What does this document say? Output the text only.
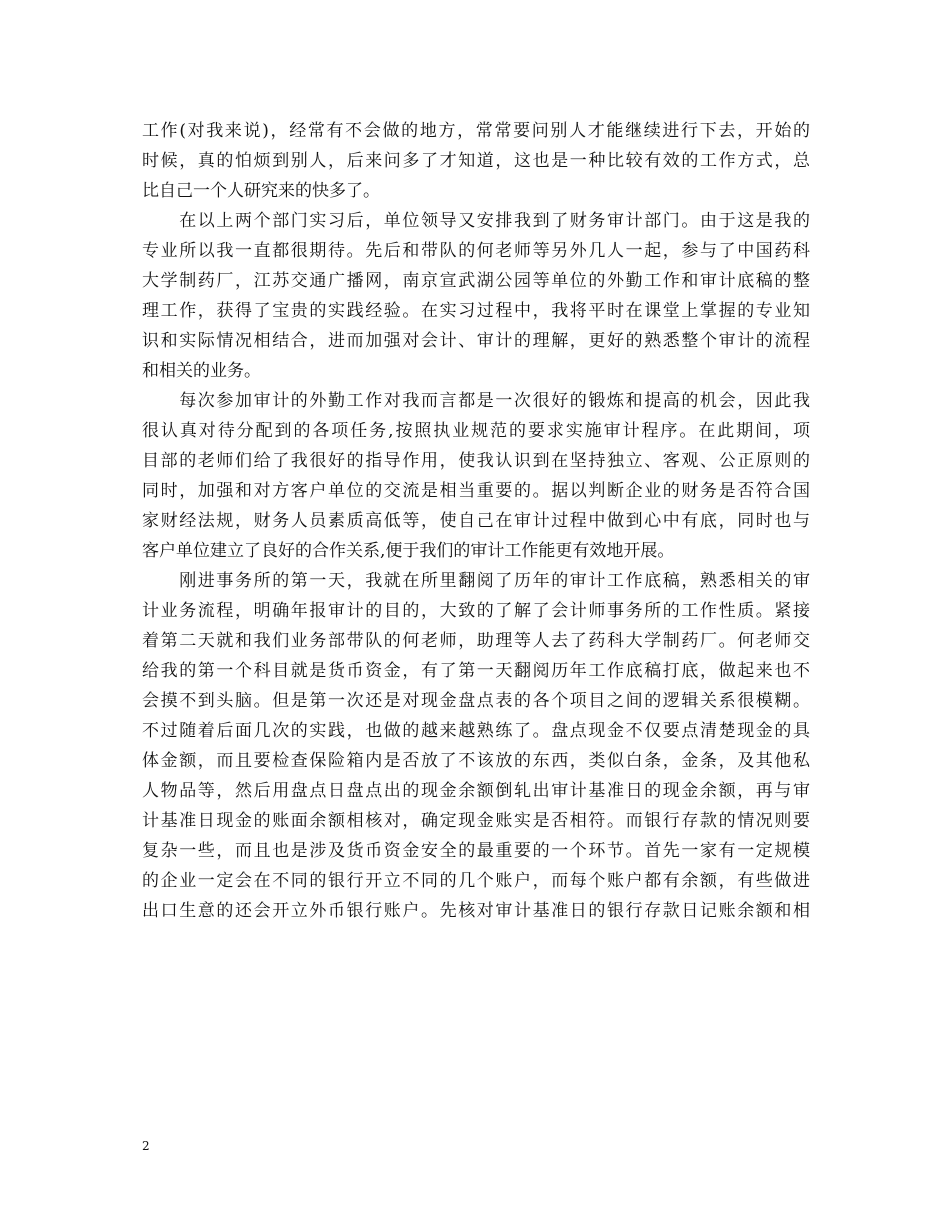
工作(对我来说)，经常有不会做的地方，常常要问别人才能继续进行下去，开始的
时候，真的怕烦到别人，后来问多了才知道，这也是一种比较有效的工作方式，总
比自己一个人研究来的快多了。
　　在以上两个部门实习后，单位领导又安排我到了财务审计部门。由于这是我的
专业所以我一直都很期待。先后和带队的何老师等另外几人一起，参与了中国药科
大学制药厂，江苏交通广播网，南京宣武湖公园等单位的外勤工作和审计底稿的整
理工作，获得了宝贵的实践经验。在实习过程中，我将平时在课堂上掌握的专业知
识和实际情况相结合，进而加强对会计、审计的理解，更好的熟悉整个审计的流程
和相关的业务。
　　每次参加审计的外勤工作对我而言都是一次很好的锻炼和提高的机会，因此我
很认真对待分配到的各项任务,按照执业规范的要求实施审计程序。在此期间，项
目部的老师们给了我很好的指导作用，使我认识到在坚持独立、客观、公正原则的
同时，加强和对方客户单位的交流是相当重要的。据以判断企业的财务是否符合国
家财经法规，财务人员素质高低等，使自己在审计过程中做到心中有底，同时也与
客户单位建立了良好的合作关系,便于我们的审计工作能更有效地开展。
　　刚进事务所的第一天，我就在所里翻阅了历年的审计工作底稿，熟悉相关的审
计业务流程，明确年报审计的目的，大致的了解了会计师事务所的工作性质。紧接
着第二天就和我们业务部带队的何老师，助理等人去了药科大学制药厂。何老师交
给我的第一个科目就是货币资金，有了第一天翻阅历年工作底稿打底，做起来也不
会摸不到头脑。但是第一次还是对现金盘点表的各个项目之间的逻辑关系很模糊。
不过随着后面几次的实践，也做的越来越熟练了。盘点现金不仅要点清楚现金的具
体金额，而且要检查保险箱内是否放了不该放的东西，类似白条，金条，及其他私
人物品等，然后用盘点日盘点出的现金余额倒轧出审计基准日的现金余额，再与审
计基准日现金的账面余额相核对，确定现金账实是否相符。而银行存款的情况则要
复杂一些，而且也是涉及货币资金安全的最重要的一个环节。首先一家有一定规模
的企业一定会在不同的银行开立不同的几个账户，而每个账户都有余额，有些做进
出口生意的还会开立外币银行账户。先核对审计基准日的银行存款日记账余额和相
2
